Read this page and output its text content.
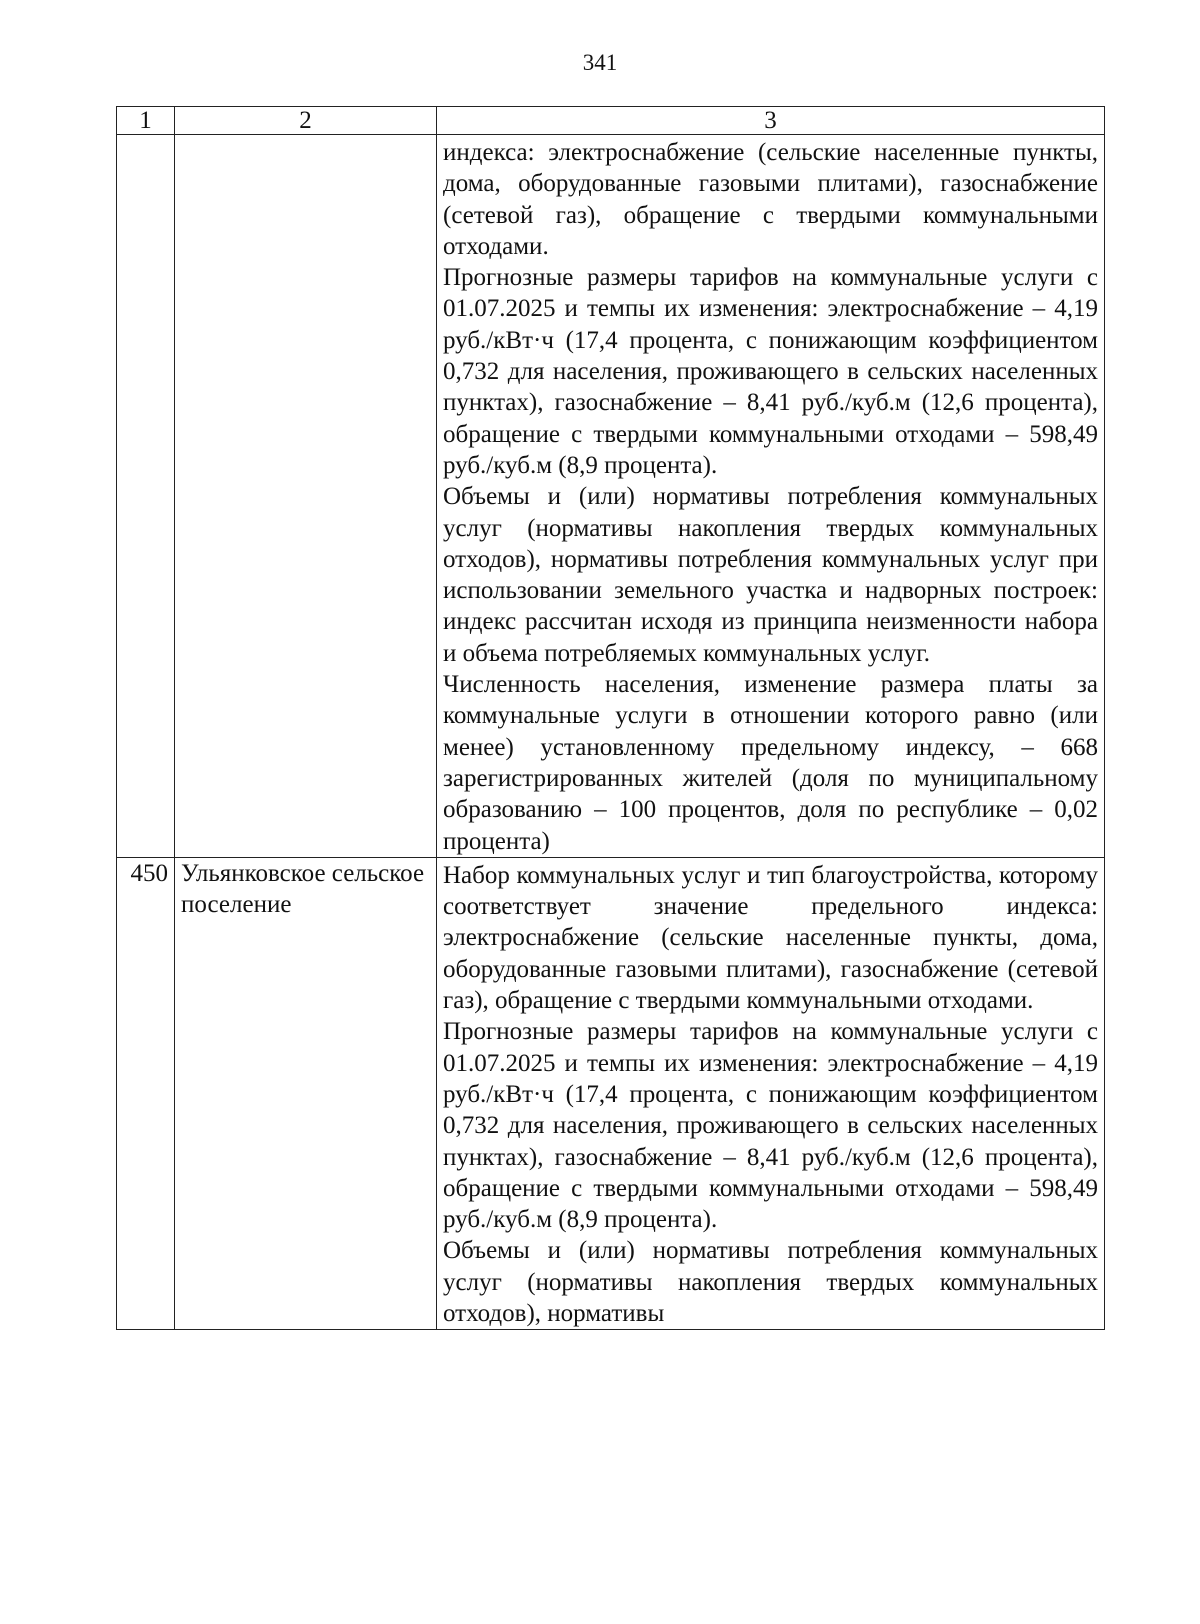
341
1	2	3

		индекса: электроснабжение (сельские населенные пункты, дома, оборудованные газовыми плитами), газоснабжение (сетевой газ), обращение с твердыми коммунальными отходами.

Прогнозные размеры тарифов на коммунальные услуги с 01.07.2025 и темпы их изменения: электроснабжение – 4,19 руб./кВт·ч (17,4 процента, с понижающим коэффициентом 0,732 для населения, проживающего в сельских населенных пунктах), газоснабжение – 8,41 руб./куб.м (12,6 процента), обращение с твердыми коммунальными отходами – 598,49 руб./куб.м (8,9 процента).

Объемы и (или) нормативы потребления коммунальных услуг (нормативы накопления твердых коммунальных отходов), нормативы потребления коммунальных услуг при использовании земельного участка и надворных построек: индекс рассчитан исходя из принципа неизменности набора и объема потребляемых коммунальных услуг.

Численность населения, изменение размера платы за коммунальные услуги в отношении которого равно (или менее) установленному предельному индексу, – 668 зарегистрированных жителей (доля по муниципальному образованию – 100 процентов, доля по республике – 0,02 процента)

450	Ульянковское сельское поселение	Набор коммунальных услуг и тип благоустройства, которому соответствует значение предельного индекса: электроснабжение (сельские населенные пункты, дома, оборудованные газовыми плитами), газоснабжение (сетевой газ), обращение с твердыми коммунальными отходами.

Прогнозные размеры тарифов на коммунальные услуги с 01.07.2025 и темпы их изменения: электроснабжение – 4,19 руб./кВт·ч (17,4 процента, с понижающим коэффициентом 0,732 для населения, проживающего в сельских населенных пунктах), газоснабжение – 8,41 руб./куб.м (12,6 процента), обращение с твердыми коммунальными отходами – 598,49 руб./куб.м (8,9 процента).

Объемы и (или) нормативы потребления коммунальных услуг (нормативы накопления твердых коммунальных отходов), нормативы
